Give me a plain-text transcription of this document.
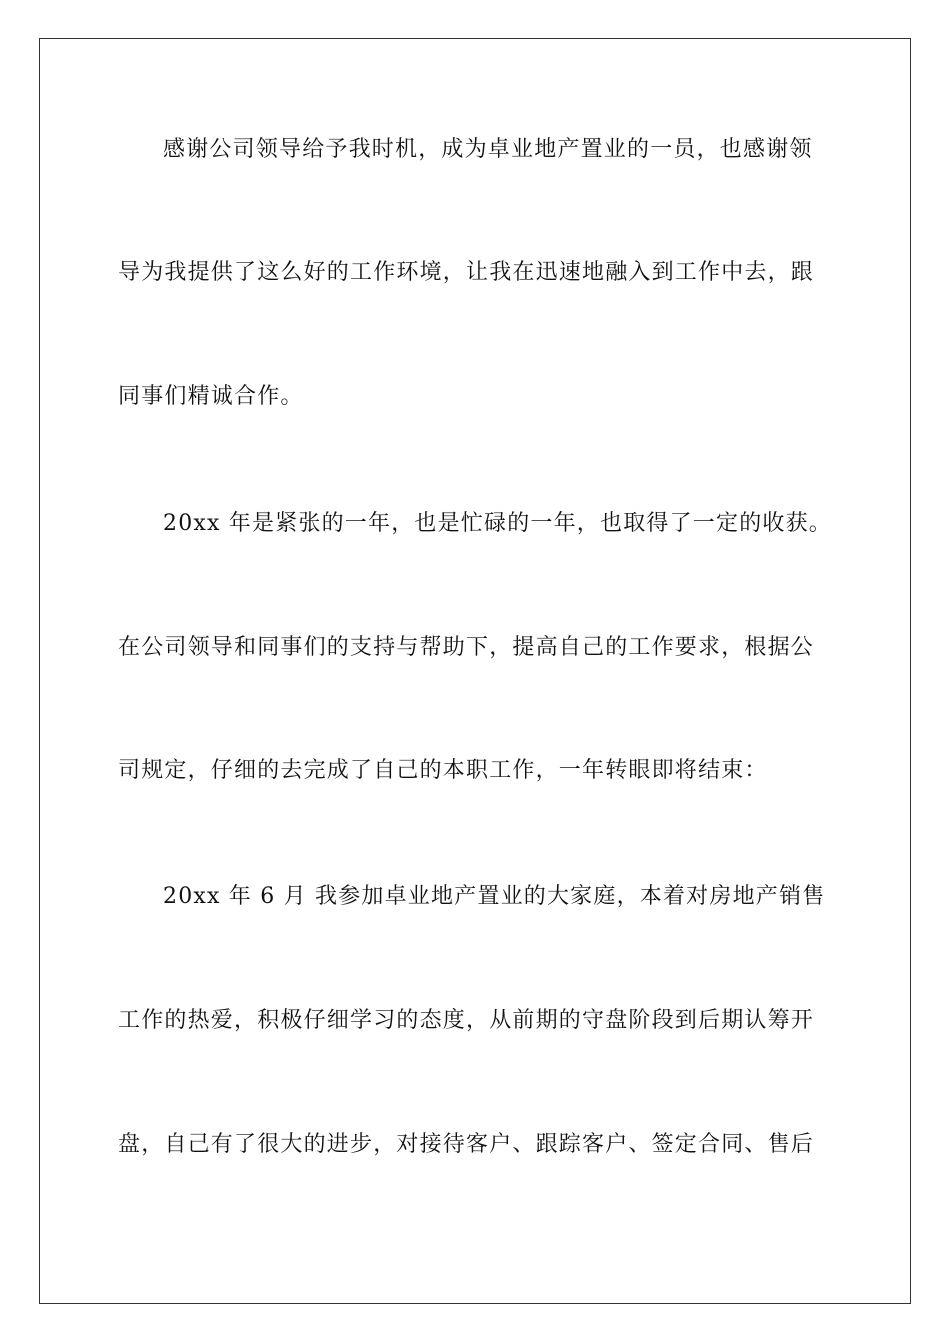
感谢公司领导给予我时机，成为卓业地产置业的一员，也感谢领

导为我提供了这么好的工作环境，让我在迅速地融入到工作中去，跟

同事们精诚合作。

20xx 年是紧张的一年，也是忙碌的一年，也取得了一定的收获。

在公司领导和同事们的支持与帮助下，提高自己的工作要求，根据公

司规定，仔细的去完成了自己的本职工作，一年转眼即将结束：

20xx 年 6 月 我参加卓业地产置业的大家庭，本着对房地产销售

工作的热爱，积极仔细学习的态度，从前期的守盘阶段到后期认筹开

盘，自己有了很大的进步，对接待客户、跟踪客户、签定合同、售后
